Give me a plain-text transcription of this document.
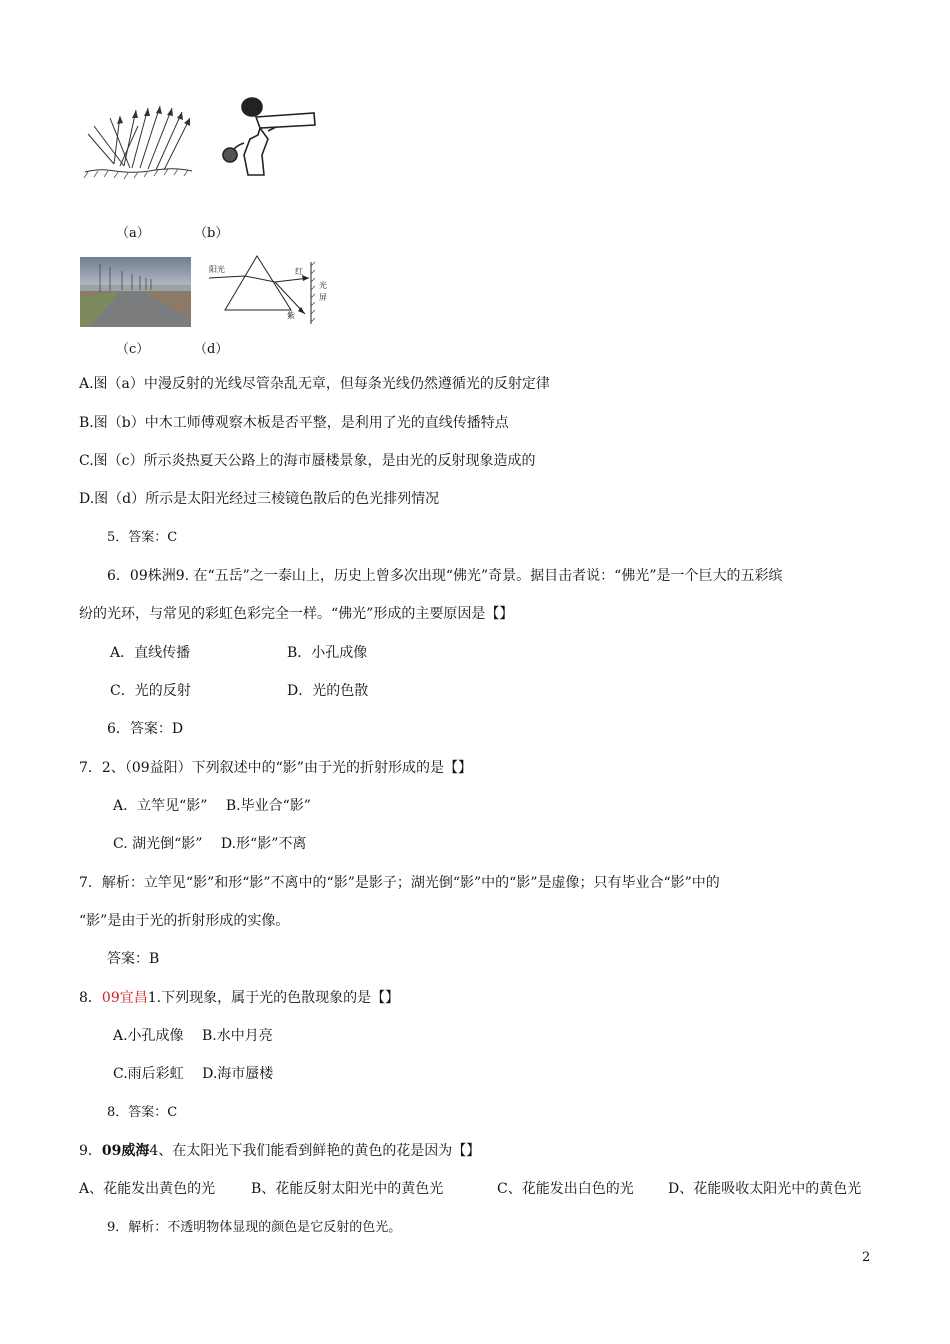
（a）	（b）
阳光	红
紫
光
屏
（c）	（d）
A.图（a）中漫反射的光线尽管杂乱无章，但每条光线仍然遵循光的反射定律
B.图（b）中木工师傅观察木板是否平整，是利用了光的直线传播特点
C.图（c）所示炎热夏天公路上的海市蜃楼景象，是由光的反射现象造成的
D.图（d）所示是太阳光经过三棱镜色散后的色光排列情况
5．答案：C
6．09株洲9. 在“五岳”之一泰山上，历史上曾多次出现“佛光”奇景。据目击者说：“佛光”是一个巨大的五彩缤
纷的光环，与常见的彩虹色彩完全一样。“佛光”形成的主要原因是【】
A．直线传播	B．小孔成像
C．光的反射	D．光的色散
6．答案：D
7．2、（09益阳）下列叙述中的“影”由于光的折射形成的是【】
A．立竿见“影”　 B.毕业合“影”
C. 湖光倒“影”　 D.形“影”不离
7．解析：立竿见“影”和形“影”不离中的“影”是影子；湖光倒“影”中的“影”是虚像；只有毕业合“影”中的
“影”是由于光的折射形成的实像。
答案：B
8．09宜昌1.下列现象，属于光的色散现象的是【】
A.小孔成像　 B.水中月亮
C.雨后彩虹　 D.海市蜃楼
8．答案：C
9．09威海4、在太阳光下我们能看到鲜艳的黄色的花是因为【】
A、花能发出黄色的光	B、花能反射太阳光中的黄色光	C、花能发出白色的光 D、花能吸收太阳光中的黄色光
9．解析：不透明物体显现的颜色是它反射的色光。
2
